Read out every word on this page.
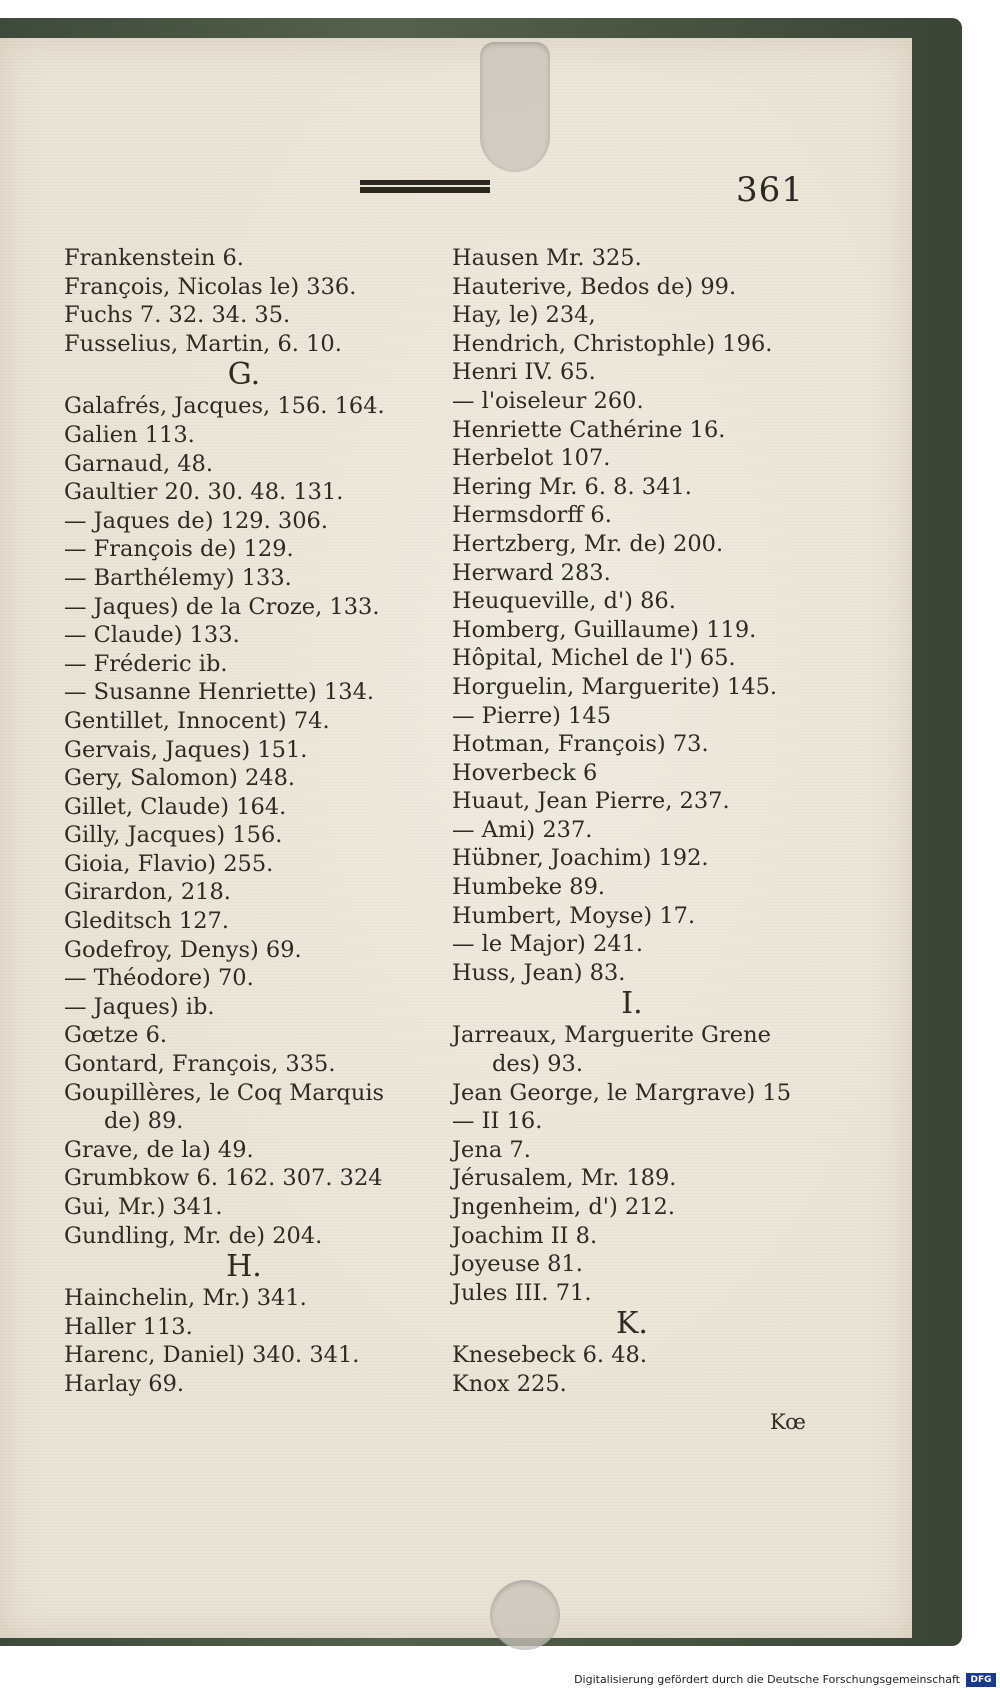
361
Frankenstein 6.
François, Nicolas le) 336.
Fuchs 7. 32. 34. 35.
Fusselius, Martin, 6. 10.
G.
Galafrés, Jacques, 156. 164.
Galien 113.
Garnaud, 48.
Gaultier 20. 30. 48. 131.
— Jaques de) 129. 306.
— François de) 129.
— Barthélemy) 133.
— Jaques) de la Croze, 133.
— Claude) 133.
— Fréderic ib.
— Susanne Henriette) 134.
Gentillet, Innocent) 74.
Gervais, Jaques) 151.
Gery, Salomon) 248.
Gillet, Claude) 164.
Gilly, Jacques) 156.
Gioia, Flavio) 255.
Girardon, 218.
Gleditsch 127.
Godefroy, Denys) 69.
— Théodore) 70.
— Jaques) ib.
Gœtze 6.
Gontard, François, 335.
Goupillères, le Coq Marquis
de) 89.
Grave, de la) 49.
Grumbkow 6. 162. 307. 324
Gui, Mr.) 341.
Gundling, Mr. de) 204.
H.
Hainchelin, Mr.) 341.
Haller 113.
Harenc, Daniel) 340. 341.
Harlay 69.
Hausen Mr. 325.
Hauterive, Bedos de) 99.
Hay, le) 234,
Hendrich, Christophle) 196.
Henri IV. 65.
— l'oiseleur 260.
Henriette Cathérine 16.
Herbelot 107.
Hering Mr. 6. 8. 341.
Hermsdorff 6.
Hertzberg, Mr. de) 200.
Herward 283.
Heuqueville, d') 86.
Homberg, Guillaume) 119.
Hôpital, Michel de l') 65.
Horguelin, Marguerite) 145.
— Pierre) 145
Hotman, François) 73.
Hoverbeck 6
Huaut, Jean Pierre, 237.
— Ami) 237.
Hübner, Joachim) 192.
Humbeke 89.
Humbert, Moyse) 17.
— le Major) 241.
Huss, Jean) 83.
I.
Jarreaux, Marguerite Grene
des) 93.
Jean George, le Margrave) 15
— II 16.
Jena 7.
Jérusalem, Mr. 189.
Jngenheim, d') 212.
Joachim II 8.
Joyeuse 81.
Jules III. 71.
K.
Knesebeck 6. 48.
Knox 225.
Kœ
Digitalisierung gefördert durch die Deutsche Forschungsgemeinschaft	DFG
